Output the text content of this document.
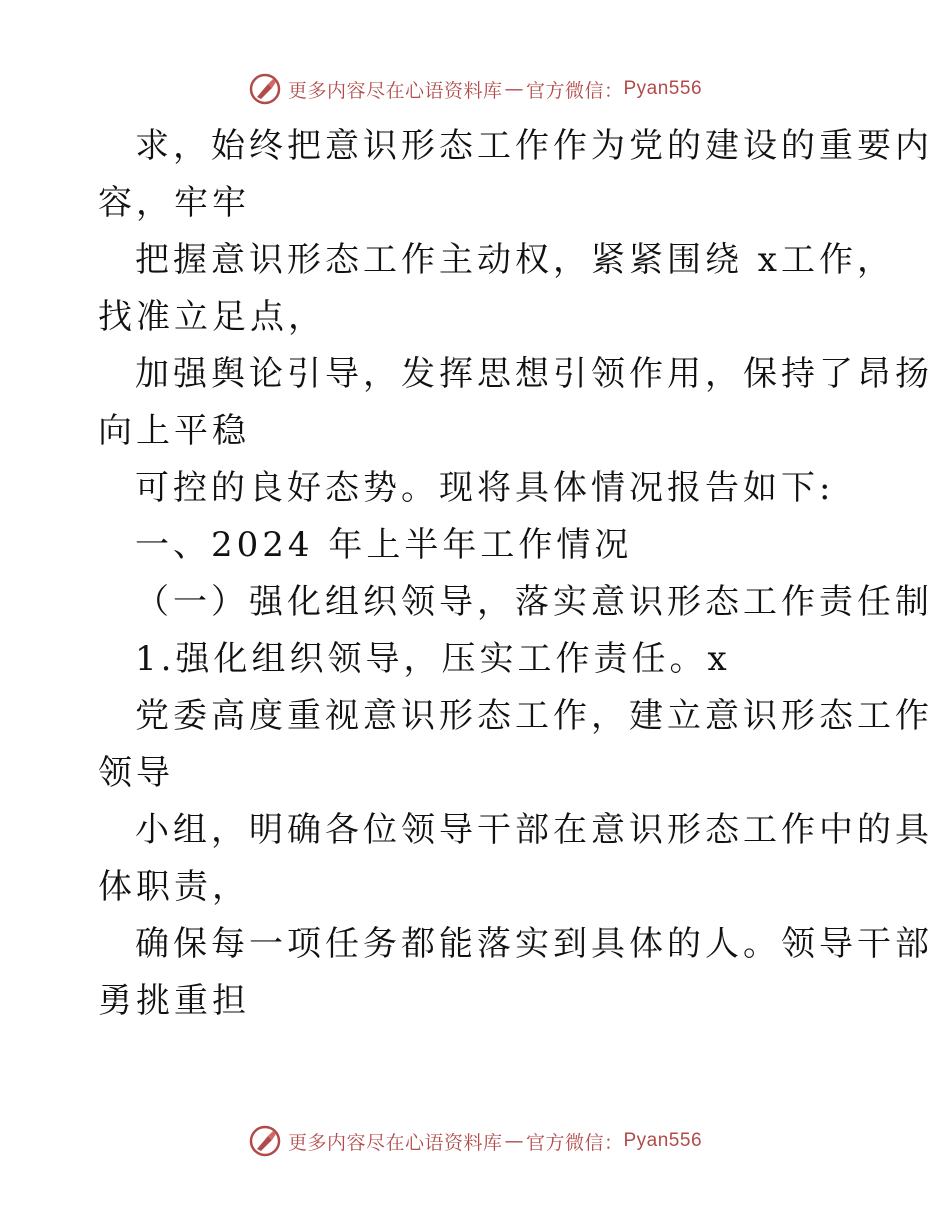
更多内容尽在心语资料库 — 官方微信： Pyan556
求，始终把意识形态工作作为党的建设的重要内
容，牢牢
把握意识形态工作主动权，紧紧围绕 x工作，
找准立足点，
加强舆论引导，发挥思想引领作用，保持了昂扬
向上平稳
可控的良好态势。现将具体情况报告如下:
一、2024 年上半年工作情况
（一）强化组织领导，落实意识形态工作责任制
1.强化组织领导，压实工作责任。x
党委高度重视意识形态工作，建立意识形态工作
领导
小组，明确各位领导干部在意识形态工作中的具
体职责，
确保每一项任务都能落实到具体的人。领导干部
勇挑重担
更多内容尽在心语资料库 — 官方微信： Pyan556
